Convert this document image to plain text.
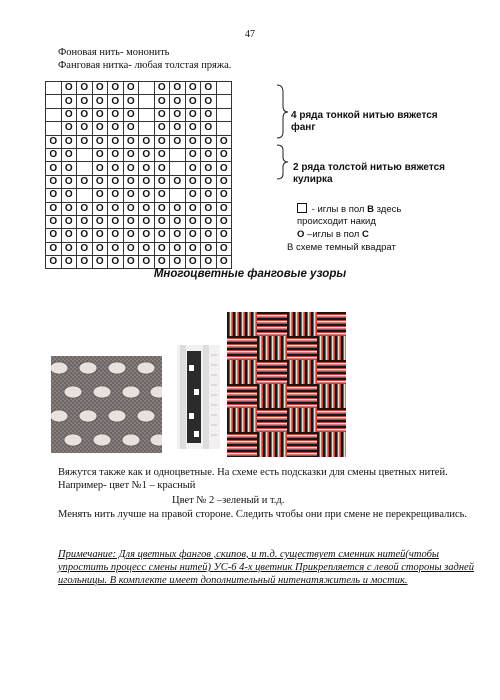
47
Фоновая нить- мононить
Фанговая нитка- любая толстая пряжа.
	O	O	O	O	O		O	O	O	O	
	O	O	O	O	O		O	O	O	O	
	O	O	O	O	O		O	O	O	O	
	O	O	O	O	O		O	O	O	O	
O	O	O	O	O	O	O	O	O	O	O	O
O	O		O	O	O	O	O		O	O	O
O	O		O	O	O	O	O		O	O	O
O	O	O	O	O	O	O	O	O	O	O	O
O	O		O	O	O	O	O		O	O	O
O	O	O	O	O	O	O	O	O	O	O	O
O	O	O	O	O	O	O	O	O	O	O	O
O	O	O	O	O	O	O	O	O	O	O	O
O	O	O	O	O	O	O	O	O	O	O	O
O	O	O	O	O	O	O	O	O	O	O	O
4 ряда тонкой нитью вяжется
фанг
2 ряда толстой нитью вяжется
кулирка
- иглы в пол B здесь
происходит накид
О –иглы в пол С
В схеме темный квадрат
Многоцветные фанговые узоры
Вяжутся также как и одноцветные. На схеме есть подсказки для смены цветных нитей. Например- цвет №1 – красный
Цвет № 2 –зеленый и т.д.
Менять нить лучше на правой стороне. Следить чтобы они при смене не перекрещивались.
Примечание: Для цветных фангов ,скипов, и т.д. существует сменник нитей(чтобы упростить процесс смены нитей) УС-6 4-х цветник Прикрепляется с левой стороны задней игольницы. В комплекте имеет дополнительный нитенатяжитель и мостик.
